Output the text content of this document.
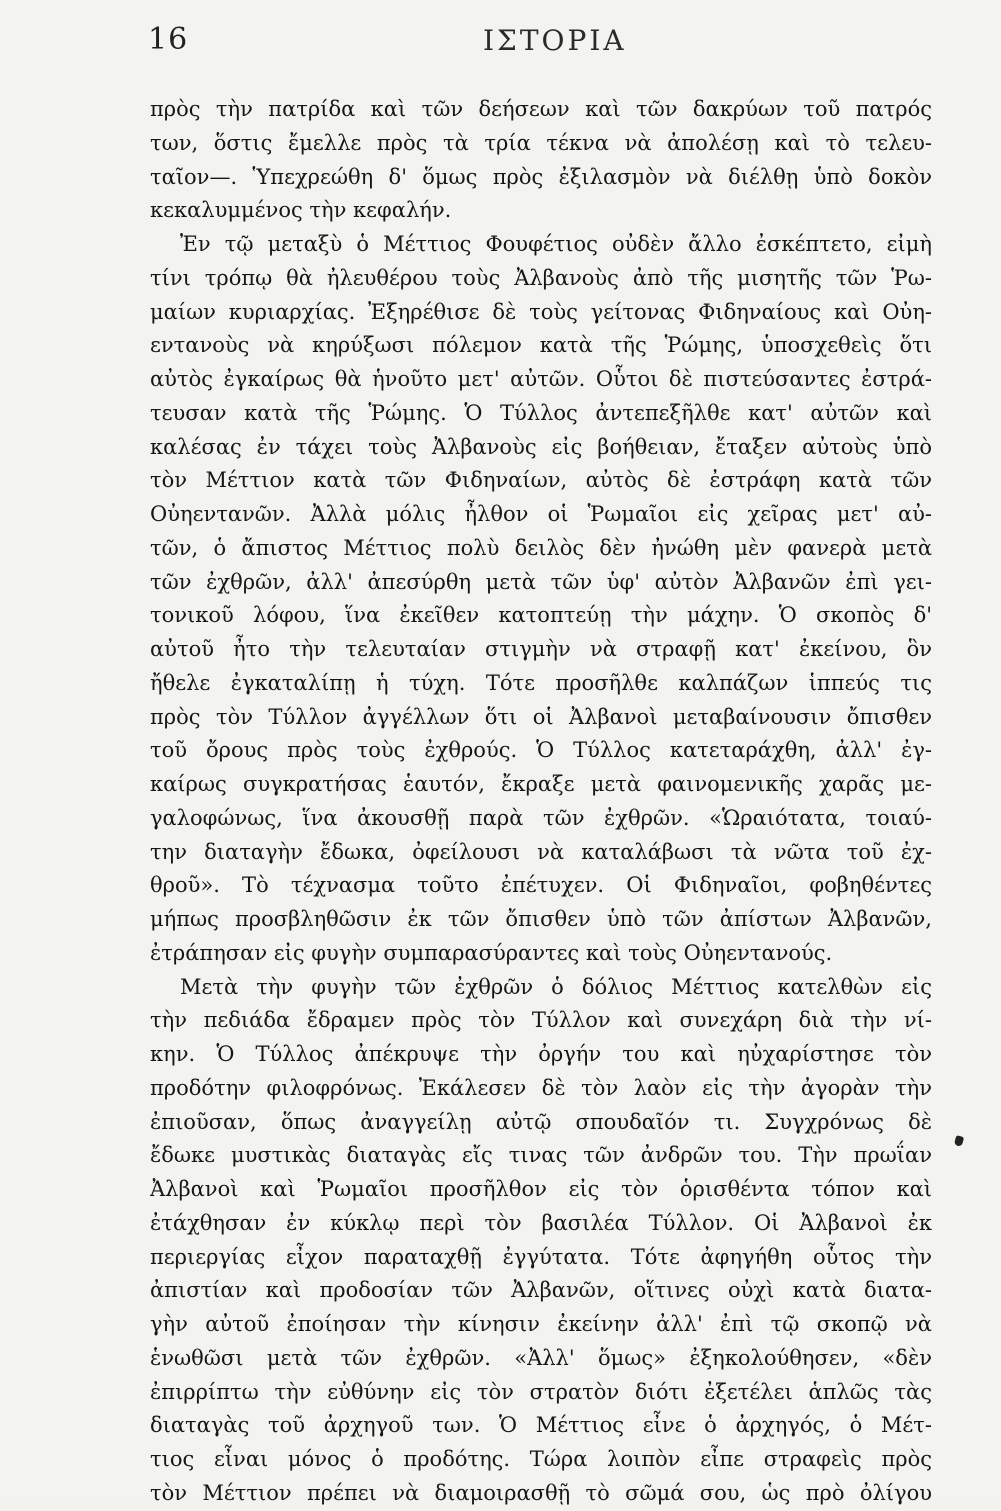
16	ΙΣΤΟΡΙΑ
πρὸς τὴν πατρίδα καὶ τῶν δεήσεων καὶ τῶν δακρύων τοῦ πατρός
των, ὅστις ἔμελλε πρὸς τὰ τρία τέκνα νὰ ἀπολέσῃ καὶ τὸ τελευ-
ταῖον—. Ὑπεχρεώθη δ' ὅμως πρὸς ἐξιλασμὸν νὰ διέλθῃ ὑπὸ δοκὸν
κεκαλυμμένος τὴν κεφαλήν.
Ἐν τῷ μεταξὺ ὁ Μέττιος Φουφέτιος οὐδὲν ἄλλο ἐσκέπτετο, εἰμὴ
τίνι τρόπῳ θὰ ἠλευθέρου τοὺς Ἀλβανοὺς ἀπὸ τῆς μισητῆς τῶν Ῥω-
μαίων κυριαρχίας. Ἐξηρέθισε δὲ τοὺς γείτονας Φιδηναίους καὶ Οὐη-
εντανοὺς νὰ κηρύξωσι πόλεμον κατὰ τῆς Ῥώμης, ὑποσχεθεὶς ὅτι
αὐτὸς ἐγκαίρως θὰ ἡνοῦτο μετ' αὐτῶν. Οὗτοι δὲ πιστεύσαντες ἐστρά-
τευσαν κατὰ τῆς Ῥώμης. Ὁ Τύλλος ἀντεπεξῆλθε κατ' αὐτῶν καὶ
καλέσας ἐν τάχει τοὺς Ἀλβανοὺς εἰς βοήθειαν, ἔταξεν αὐτοὺς ὑπὸ
τὸν Μέττιον κατὰ τῶν Φιδηναίων, αὐτὸς δὲ ἐστράφη κατὰ τῶν
Οὐηεντανῶν. Ἀλλὰ μόλις ἦλθον οἱ Ῥωμαῖοι εἰς χεῖρας μετ' αὐ-
τῶν, ὁ ἄπιστος Μέττιος πολὺ δειλὸς δὲν ἠνώθη μὲν φανερὰ μετὰ
τῶν ἐχθρῶν, ἀλλ' ἀπεσύρθη μετὰ τῶν ὑφ' αὐτὸν Ἀλβανῶν ἐπὶ γει-
τονικοῦ λόφου, ἵνα ἐκεῖθεν κατοπτεύῃ τὴν μάχην. Ὁ σκοπὸς δ'
αὐτοῦ ἦτο τὴν τελευταίαν στιγμὴν νὰ στραφῇ κατ' ἐκείνου, ὃν
ἤθελε ἐγκαταλίπῃ ἡ τύχη. Τότε προσῆλθε καλπάζων ἱππεύς τις
πρὸς τὸν Τύλλον ἀγγέλλων ὅτι οἱ Ἀλβανοὶ μεταβαίνουσιν ὄπισθεν
τοῦ ὄρους πρὸς τοὺς ἐχθρούς. Ὁ Τύλλος κατεταράχθη, ἀλλ' ἐγ-
καίρως συγκρατήσας ἑαυτόν, ἔκραξε μετὰ φαινομενικῆς χαρᾶς με-
γαλοφώνως, ἵνα ἀκουσθῇ παρὰ τῶν ἐχθρῶν. «Ὡραιότατα, τοιαύ-
την διαταγὴν ἔδωκα, ὀφείλουσι νὰ καταλάβωσι τὰ νῶτα τοῦ ἐχ-
θροῦ». Τὸ τέχνασμα τοῦτο ἐπέτυχεν. Οἱ Φιδηναῖοι, φοβηθέντες
μήπως προσβληθῶσιν ἐκ τῶν ὄπισθεν ὑπὸ τῶν ἀπίστων Ἀλβανῶν,
ἐτράπησαν εἰς φυγὴν συμπαρασύραντες καὶ τοὺς Οὐηεντανούς.
Μετὰ τὴν φυγὴν τῶν ἐχθρῶν ὁ δόλιος Μέττιος κατελθὼν εἰς
τὴν πεδιάδα ἔδραμεν πρὸς τὸν Τύλλον καὶ συνεχάρη διὰ τὴν νί-
κην. Ὁ Τύλλος ἀπέκρυψε τὴν ὀργήν του καὶ ηὐχαρίστησε τὸν
προδότην φιλοφρόνως. Ἐκάλεσεν δὲ τὸν λαὸν εἰς τὴν ἀγορὰν τὴν
ἐπιοῦσαν, ὅπως ἀναγγείλῃ αὐτῷ σπουδαῖόν τι. Συγχρόνως δὲ
ἔδωκε μυστικὰς διαταγὰς εἴς τινας τῶν ἀνδρῶν του. Τὴν πρωΐαν
Ἀλβανοὶ καὶ Ῥωμαῖοι προσῆλθον εἰς τὸν ὁρισθέντα τόπον καὶ
ἐτάχθησαν ἐν κύκλῳ περὶ τὸν βασιλέα Τύλλον. Οἱ Ἀλβανοὶ ἐκ
περιεργίας εἶχον παραταχθῇ ἐγγύτατα. Τότε ἀφηγήθη οὗτος τὴν
ἀπιστίαν καὶ προδοσίαν τῶν Ἀλβανῶν, οἵτινες οὐχὶ κατὰ διατα-
γὴν αὐτοῦ ἐποίησαν τὴν κίνησιν ἐκείνην ἀλλ' ἐπὶ τῷ σκοπῷ νὰ
ἑνωθῶσι μετὰ τῶν ἐχθρῶν. «Ἀλλ' ὅμως» ἐξηκολούθησεν, «δὲν
ἐπιρρίπτω τὴν εὐθύνην εἰς τὸν στρατὸν διότι ἐξετέλει ἁπλῶς τὰς
διαταγὰς τοῦ ἀρχηγοῦ των. Ὁ Μέττιος εἶνε ὁ ἀρχηγός, ὁ Μέτ-
τιος εἶναι μόνος ὁ προδότης. Τώρα λοιπὸν εἶπε στραφεὶς πρὸς
τὸν Μέττιον πρέπει νὰ διαμοιρασθῇ τὸ σῶμά σου, ὡς πρὸ ὀλίγου
